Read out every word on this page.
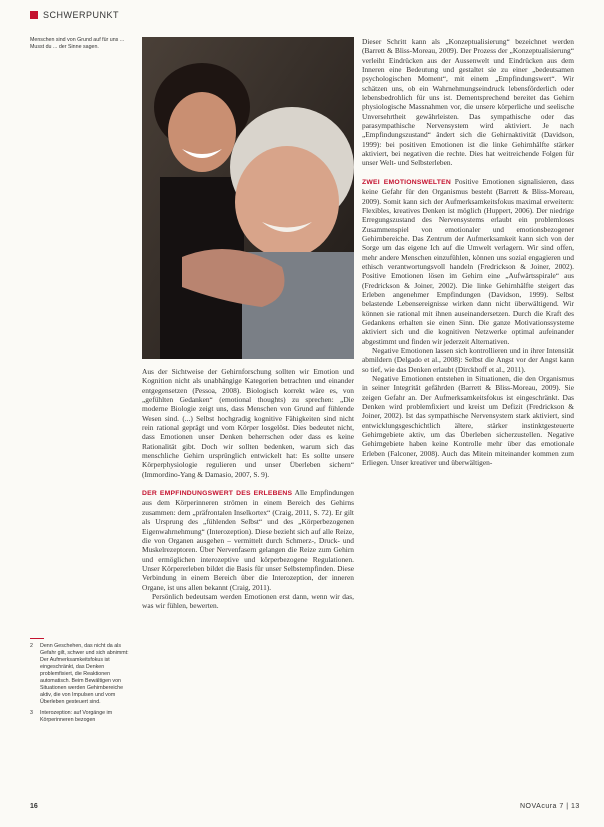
SCHWERPUNKT
Menschen sind von Grund auf für uns ... Musst du ... der Sinne sagen.

Aus der Sichtweise der Gehirnforschung sollten wir Emotion und Kognition nicht als unabhängige Kategorien betrachten und einander entgegensetzen (Pessoa, 2008). Biologisch korrekt wäre es, von „gefühlten Gedanken“ (emotional thoughts) zu sprechen: „Die moderne Biologie zeigt uns, dass Menschen von Grund auf fühlende Wesen sind. (...) Selbst hochgradig kognitive Fähigkeiten sind nicht rein rational geprägt und vom Körper losgelöst. Dies bedeutet nicht, dass Emotionen unser Denken beherrschen oder dass es keine Rationalität gibt. Doch wir sollten bedenken, warum sich das menschliche Gehirn ursprünglich entwickelt hat: Es sollte unsere Körperphysiologie regulieren und unser Überleben sichern“ (Immordino-Yang & Damasio, 2007, S. 9).

DER EMPFINDUNGSWERT DES ERLEBENS Alle Empfindungen aus dem Körperinneren strömen in einem Bereich des Gehirns zusammen: dem „präfrontalen Inselkortex“ (Craig, 2011, S. 72). Er gilt als Ursprung des „fühlenden Selbst“ und des „Körperbezogenen Eigenwahrnehmung“ (Interozeption). Diese bezieht sich auf alle Reize, die von Organen ausgehen – vermittelt durch Schmerz-, Druck- und Muskelrezeptoren. Über Nervenfasern gelangen die Reize zum Gehirn und ermöglichen interozeptive und körperbezogene Regulationen. Unser Körpererleben bildet die Basis für unser Selbstempfinden. Diese Verbindung in einem Bereich über die Interozeption, der inneren Organe, ist uns allen bekannt (Craig, 2011).

Persönlich bedeutsam werden Emotionen erst dann, wenn wir das, was wir fühlen, bewerten.

Dieser Schritt kann als „Konzeptualisierung“ bezeichnet werden (Barrett & Bliss-Moreau, 2009). Der Prozess der „Konzeptualisierung“ verleiht Eindrücken aus der Aussenwelt und Eindrücken aus dem Inneren eine Bedeutung und gestaltet sie zu einer „bedeutsamen psychologischen Moment“, mit einem „Empfindungswert“. Wir schätzen uns, ob ein Wahrnehmungseindruck lebensförderlich oder lebensbedrohlich für uns ist. Dementsprechend bereitet das Gehirn physiologische Massnahmen vor, die unsere körperliche und seelische Unversehrtheit gewährleisten. Das sympathische oder das parasympathische Nervensystem wird aktiviert. Je nach „Empfindungszustand“ ändert sich die Gehirnaktivität (Davidson, 1999): bei positiven Emotionen ist die linke Gehirnhälfte stärker aktiviert, bei negativen die rechte. Dies hat weitreichende Folgen für unser Welt- und Selbsterleben.

ZWEI EMOTIONSWELTEN Positive Emotionen signalisieren, dass keine Gefahr für den Organismus besteht (Barrett & Bliss-Moreau, 2009). Somit kann sich der Aufmerksamkeitsfokus maximal erweitern: Flexibles, kreatives Denken ist möglich (Huppert, 2006). Der niedrige Erregungszustand des Nervensystems erlaubt ein problemloses Zusammenspiel von emotionaler und emotionsbezogener Gehirnbereiche. Das Zentrum der Aufmerksamkeit kann sich von der Sorge um das eigene Ich auf die Umwelt verlagern. Wir sind offen, mehr andere Menschen einzufühlen, können uns sozial engagieren und ethisch verantwortungsvoll handeln (Fredrickson & Joiner, 2002). Positive Emotionen lösen im Gehirn eine „Aufwärtsspirale“ aus (Fredrickson & Joiner, 2002). Die linke Gehirnhälfte steigert das Erleben angenehmer Empfindungen (Davidson, 1999). Selbst belastende Lebensereignisse wirken dann nicht überwältigend. Wir können sie rational mit ihnen auseinandersetzen. Durch die Kraft des Gedankens erhalten sie einen Sinn. Die ganze Motivationssysteme aktiviert sich und die kognitiven Netzwerke optimal aufeinander abgestimmt und finden wir jederzeit Alternativen.

Negative Emotionen lassen sich kontrollieren und in ihrer Intensität abmildern (Delgado et al., 2008): Selbst die Angst vor der Angst kann so tief, wie das Denken erlaubt (Dirckhoff et al., 2011).

Negative Emotionen entstehen in Situationen, die den Organismus in seiner Integrität gefährden (Barrett & Bliss-Moreau, 2009). Sie zeigen Gefahr an. Der Aufmerksamkeitsfokus ist eingeschränkt. Das Denken wird problemfixiert und kreist um Defizit (Fredrickson & Joiner, 2002). Ist das sympathische Nervensystem stark aktiviert, sind entwicklungsgeschichtlich ältere, stärker instinktgesteuerte Gehirngebiete aktiv, um das Überleben sicherzustellen. Negative Gehirngebiete haben keine Kontrolle mehr über das emotionale Erleben (Falconer, 2008). Auch das Mitein miteinander kommen zum Erliegen. Unser kreativer und überwältigen-

2	Denn Geschehen, das nicht da als Gefahr gilt, schwer und sich abnimmt: Der Aufmerksamkeitsfokus ist eingeschränkt, das Denken problemfixiert, die Reaktionen automatisch. Beim Bewältigen von Situationen werden Gehirnbereiche aktiv, die von Impulsen und vom Überleben gesteuert sind.
3	Interozeption: auf Vorgänge im Körperinneren bezogen
16	NOVAcura 7 | 13
